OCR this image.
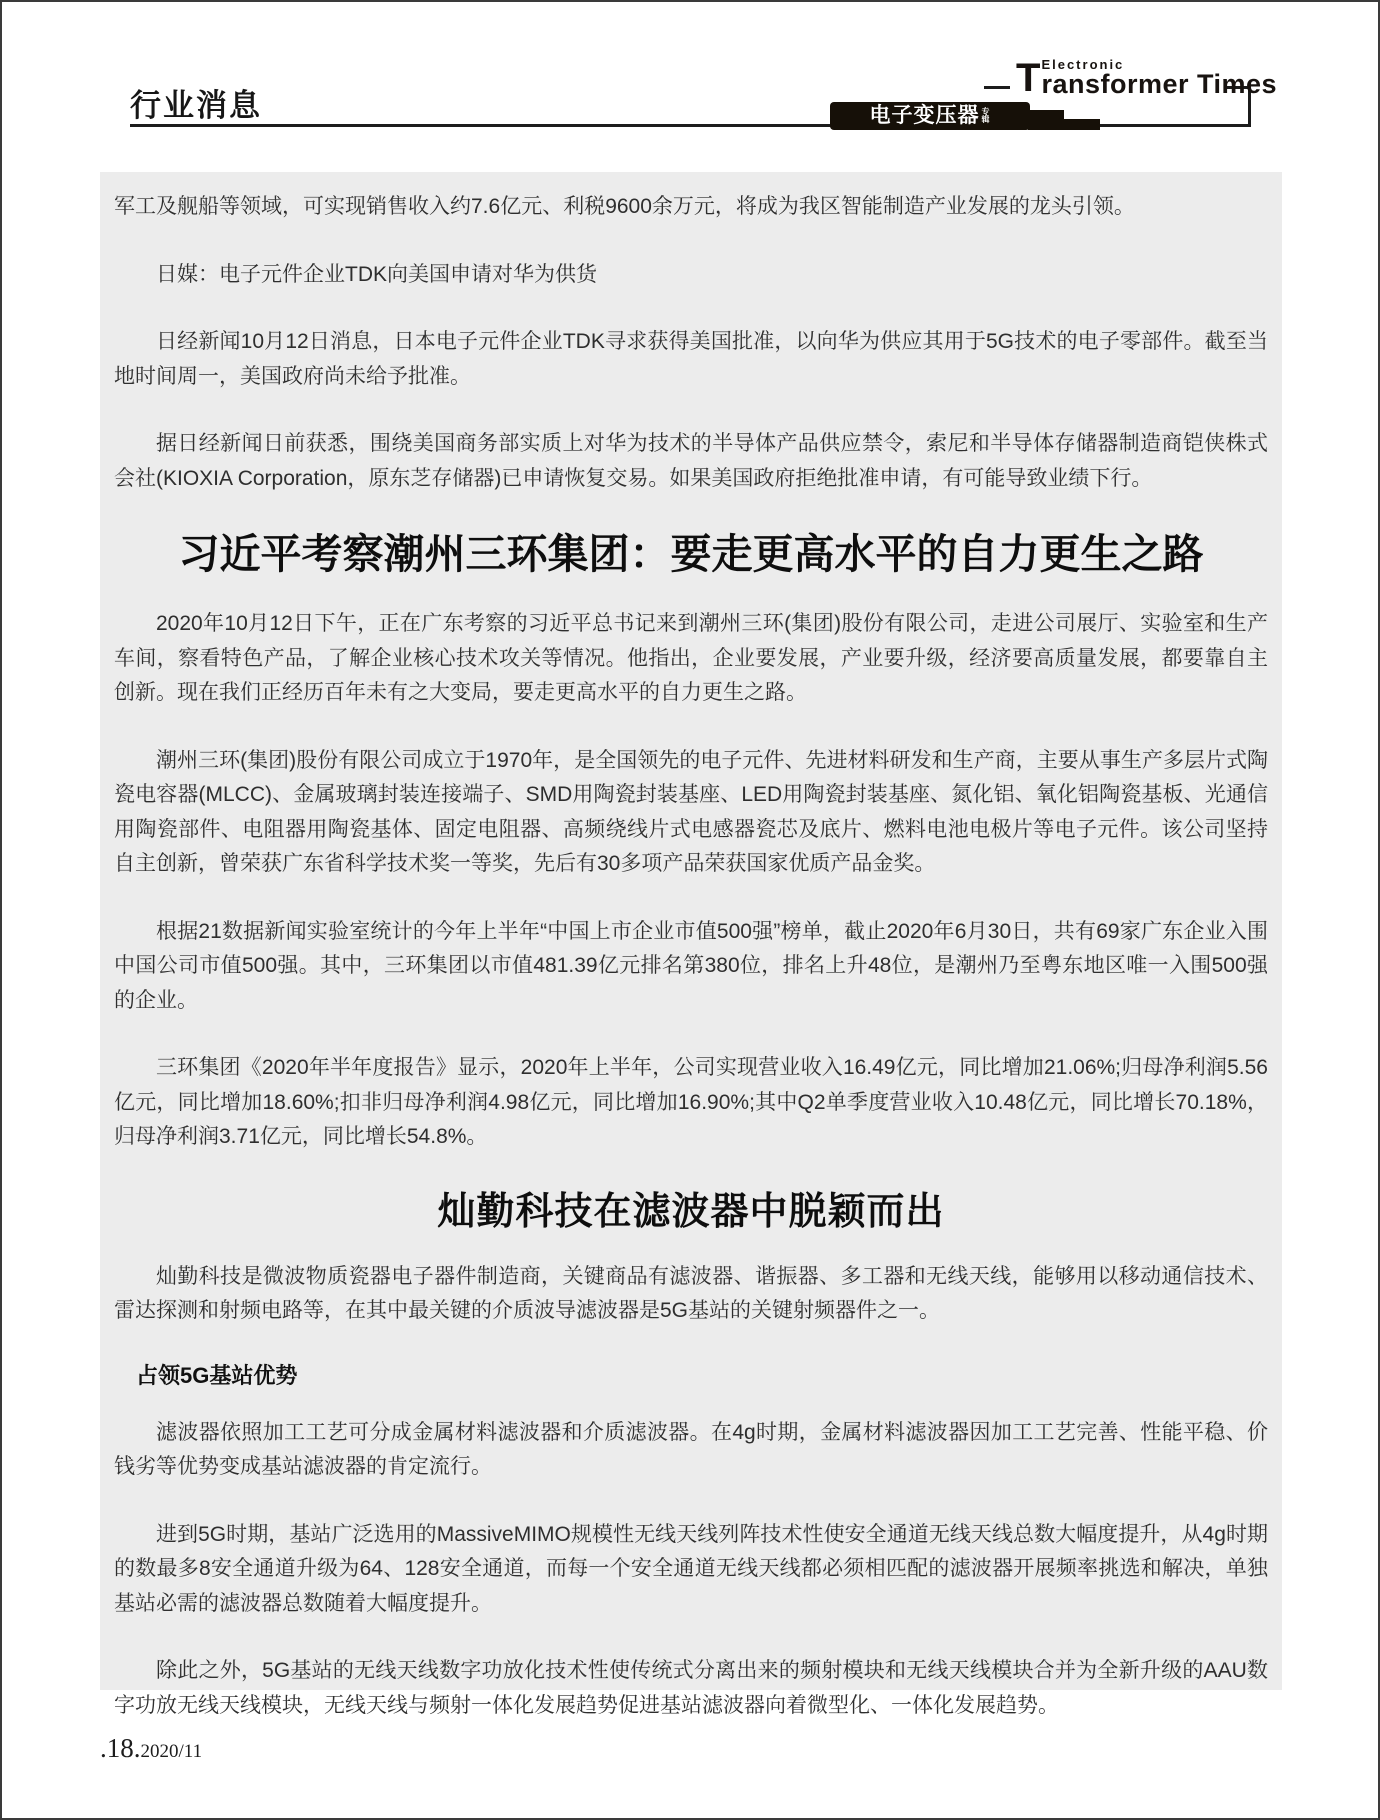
行业消息
T Electronic
ransformer Times
电子变压器 专辑

军工及舰船等领域，可实现销售收入约7.6亿元、利税9600余万元，将成为我区智能制造产业发展的龙头引领。

日媒：电子元件企业TDK向美国申请对华为供货

日经新闻10月12日消息，日本电子元件企业TDK寻求获得美国批准，以向华为供应其用于5G技术的电子零部件。截至当地时间周一，美国政府尚未给予批准。

据日经新闻日前获悉，围绕美国商务部实质上对华为技术的半导体产品供应禁令，索尼和半导体存储器制造商铠侠株式会社(KIOXIA Corporation，原东芝存储器)已申请恢复交易。如果美国政府拒绝批准申请，有可能导致业绩下行。

习近平考察潮州三环集团：要走更高水平的自力更生之路

2020年10月12日下午，正在广东考察的习近平总书记来到潮州三环(集团)股份有限公司，走进公司展厅、实验室和生产车间，察看特色产品，了解企业核心技术攻关等情况。他指出，企业要发展，产业要升级，经济要高质量发展，都要靠自主创新。现在我们正经历百年未有之大变局，要走更高水平的自力更生之路。

潮州三环(集团)股份有限公司成立于1970年，是全国领先的电子元件、先进材料研发和生产商，主要从事生产多层片式陶瓷电容器(MLCC)、金属玻璃封装连接端子、SMD用陶瓷封装基座、LED用陶瓷封装基座、氮化铝、氧化铝陶瓷基板、光通信用陶瓷部件、电阻器用陶瓷基体、固定电阻器、高频绕线片式电感器瓷芯及底片、燃料电池电极片等电子元件。该公司坚持自主创新，曾荣获广东省科学技术奖一等奖，先后有30多项产品荣获国家优质产品金奖。

根据21数据新闻实验室统计的今年上半年“中国上市企业市值500强”榜单，截止2020年6月30日，共有69家广东企业入围中国公司市值500强。其中，三环集团以市值481.39亿元排名第380位，排名上升48位，是潮州乃至粤东地区唯一入围500强的企业。

三环集团《2020年半年度报告》显示，2020年上半年，公司实现营业收入16.49亿元，同比增加21.06%;归母净利润5.56亿元，同比增加18.60%;扣非归母净利润4.98亿元，同比增加16.90%;其中Q2单季度营业收入10.48亿元，同比增长70.18%，归母净利润3.71亿元，同比增长54.8%。

灿勤科技在滤波器中脱颖而出

灿勤科技是微波物质瓷器电子器件制造商，关键商品有滤波器、谐振器、多工器和无线天线，能够用以移动通信技术、雷达探测和射频电路等，在其中最关键的介质波导滤波器是5G基站的关键射频器件之一。

占领5G基站优势

滤波器依照加工工艺可分成金属材料滤波器和介质滤波器。在4g时期，金属材料滤波器因加工工艺完善、性能平稳、价钱劣等优势变成基站滤波器的肯定流行。

进到5G时期，基站广泛选用的MassiveMIMO规模性无线天线列阵技术性使安全通道无线天线总数大幅度提升，从4g时期的数最多8安全通道升级为64、128安全通道，而每一个安全通道无线天线都必须相匹配的滤波器开展频率挑选和解决，单独基站必需的滤波器总数随着大幅度提升。

除此之外，5G基站的无线天线数字功放化技术性使传统式分离出来的频射模块和无线天线模块合并为全新升级的AAU数字功放无线天线模块，无线天线与频射一体化发展趋势促进基站滤波器向着微型化、一体化发展趋势。

.18.2020/11
